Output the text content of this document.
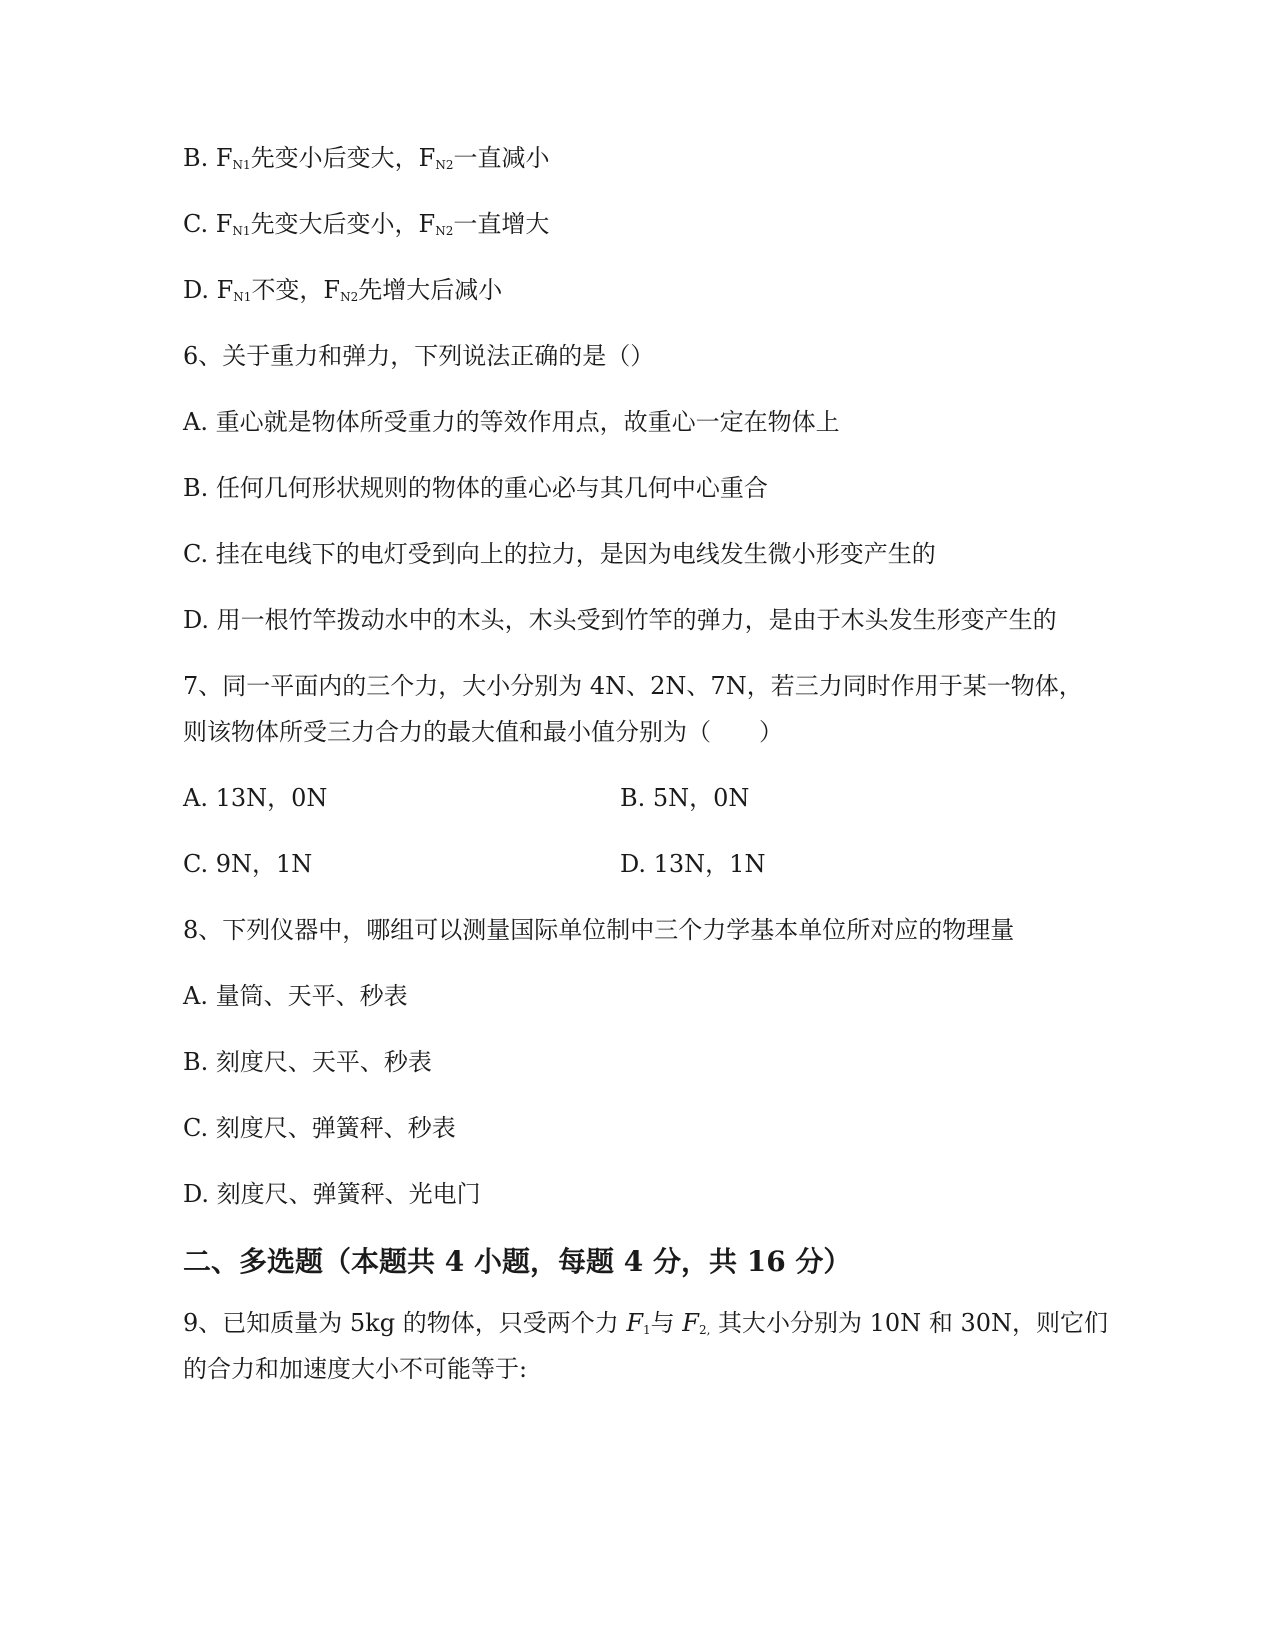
B. $F_{N1}$先变小后变大，$F_{N2}$一直减小
C. $F_{N1}$先变大后变小，$F_{N2}$一直增大
D. $F_{N1}$不变，$F_{N2}$先增大后减小
6、关于重力和弹力，下列说法正确的是（）
A. 重心就是物体所受重力的等效作用点，故重心一定在物体上
B. 任何几何形状规则的物体的重心必与其几何中心重合
C. 挂在电线下的电灯受到向上的拉力，是因为电线发生微小形变产生的
D. 用一根竹竿拨动水中的木头，木头受到竹竿的弹力，是由于木头发生形变产生的
7、同一平面内的三个力，大小分别为 4N、2N、7N，若三力同时作用于某一物体，
则该物体所受三力合力的最大值和最小值分别为（　　）
A. 13N，0N	B. 5N，0N
C. 9N，1N	D. 13N，1N
8、下列仪器中，哪组可以测量国际单位制中三个力学基本单位所对应的物理量
A. 量筒、天平、秒表
B. 刻度尺、天平、秒表
C. 刻度尺、弹簧秤、秒表
D. 刻度尺、弹簧秤、光电门
二、多选题（本题共 4 小题，每题 4 分，共 16 分）
9、已知质量为 5kg 的物体，只受两个力 $F_1$与 $F_{2,}$ 其大小分别为 10N 和 30N，则它们
的合力和加速度大小不可能等于:
